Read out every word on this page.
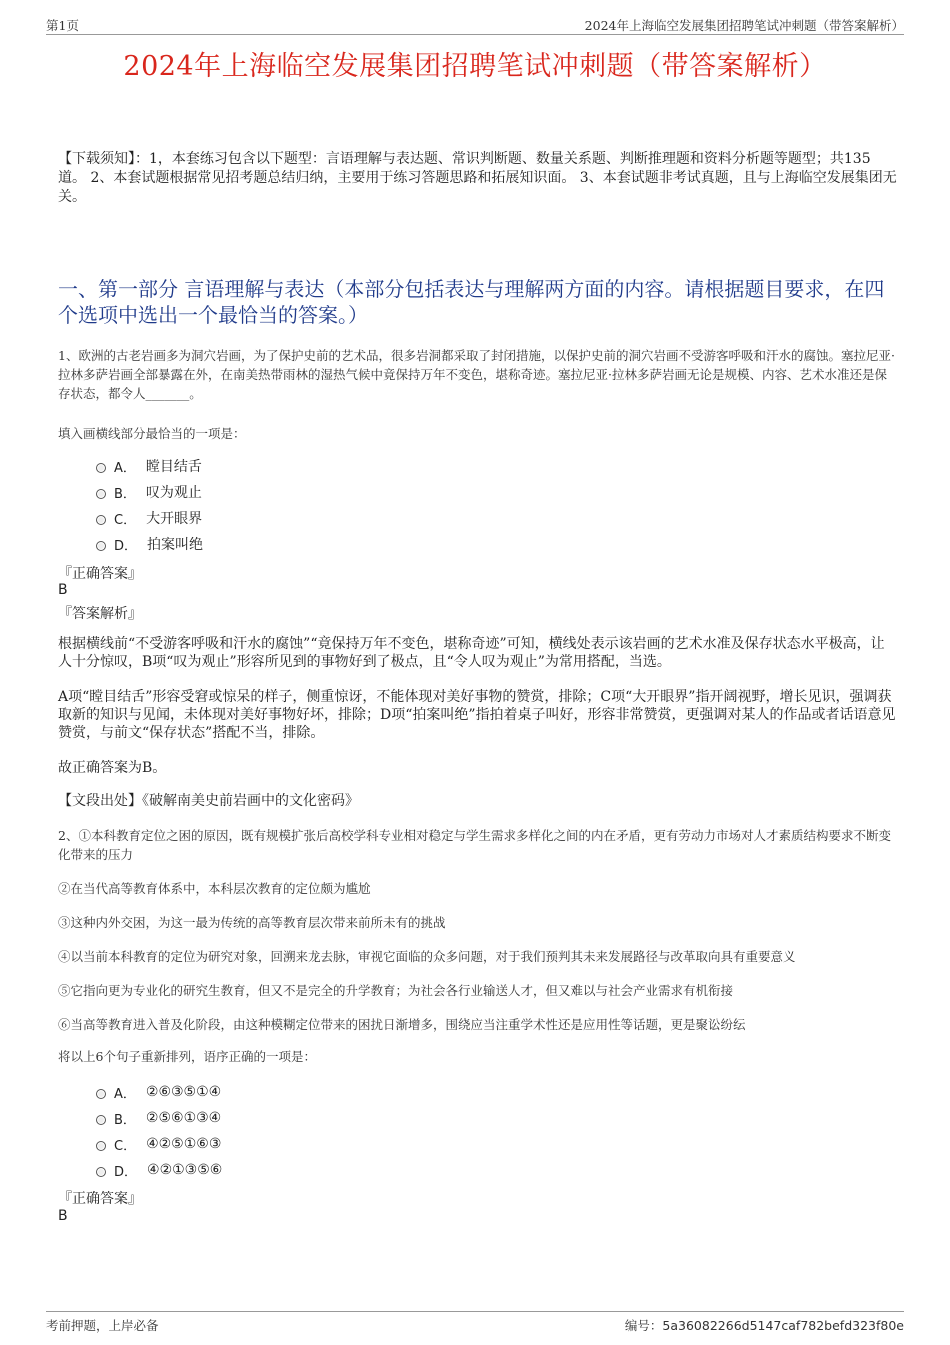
第1页	2024年上海临空发展集团招聘笔试冲刺题（带答案解析）
2024年上海临空发展集团招聘笔试冲刺题（带答案解析）
【下载须知】：1，本套练习包含以下题型：言语理解与表达题、常识判断题、数量关系题、判断推理题和资料分析题等题型；共135道。 2、本套试题根据常见招考题总结归纳，主要用于练习答题思路和拓展知识面。 3、本套试题非考试真题，且与上海临空发展集团无关。
一、第一部分 言语理解与表达（本部分包括表达与理解两方面的内容。请根据题目要求，在四个选项中选出一个最恰当的答案。）
1、欧洲的古老岩画多为洞穴岩画，为了保护史前的艺术品，很多岩洞都采取了封闭措施，以保护史前的洞穴岩画不受游客呼吸和汗水的腐蚀。塞拉尼亚·拉林多萨岩画全部暴露在外，在南美热带雨林的湿热气候中竟保持万年不变色，堪称奇迹。塞拉尼亚·拉林多萨岩画无论是规模、内容、艺术水准还是保存状态，都令人_______。
填入画横线部分最恰当的一项是：
A． 瞠目结舌
B． 叹为观止
C． 大开眼界
D． 拍案叫绝
『正确答案』
B
『答案解析』
根据横线前“不受游客呼吸和汗水的腐蚀”“竟保持万年不变色，堪称奇迹”可知，横线处表示该岩画的艺术水准及保存状态水平极高，让人十分惊叹，B项“叹为观止”形容所见到的事物好到了极点，且“令人叹为观止”为常用搭配，当选。
A项“瞠目结舌”形容受窘或惊呆的样子，侧重惊讶，不能体现对美好事物的赞赏，排除；C项“大开眼界”指开阔视野，增长见识，强调获取新的知识与见闻，未体现对美好事物好坏，排除；D项“拍案叫绝”指拍着桌子叫好，形容非常赞赏，更强调对某人的作品或者话语意见赞赏，与前文“保存状态”搭配不当，排除。
故正确答案为B。
【文段出处】《破解南美史前岩画中的文化密码》
2、①本科教育定位之困的原因，既有规模扩张后高校学科专业相对稳定与学生需求多样化之间的内在矛盾，更有劳动力市场对人才素质结构要求不断变化带来的压力
②在当代高等教育体系中，本科层次教育的定位颇为尴尬
③这种内外交困，为这一最为传统的高等教育层次带来前所未有的挑战
④以当前本科教育的定位为研究对象，回溯来龙去脉，审视它面临的众多问题，对于我们预判其未来发展路径与改革取向具有重要意义
⑤它指向更为专业化的研究生教育，但又不是完全的升学教育；为社会各行业输送人才，但又难以与社会产业需求有机衔接
⑥当高等教育进入普及化阶段，由这种模糊定位带来的困扰日渐增多，围绕应当注重学术性还是应用性等话题，更是聚讼纷纭
将以上6个句子重新排列，语序正确的一项是：
A． ②⑥③⑤①④
B． ②⑤⑥①③④
C． ④②⑤①⑥③
D． ④②①③⑤⑥
『正确答案』
B
考前押题，上岸必备	编号：5a36082266d5147caf782befd323f80e
